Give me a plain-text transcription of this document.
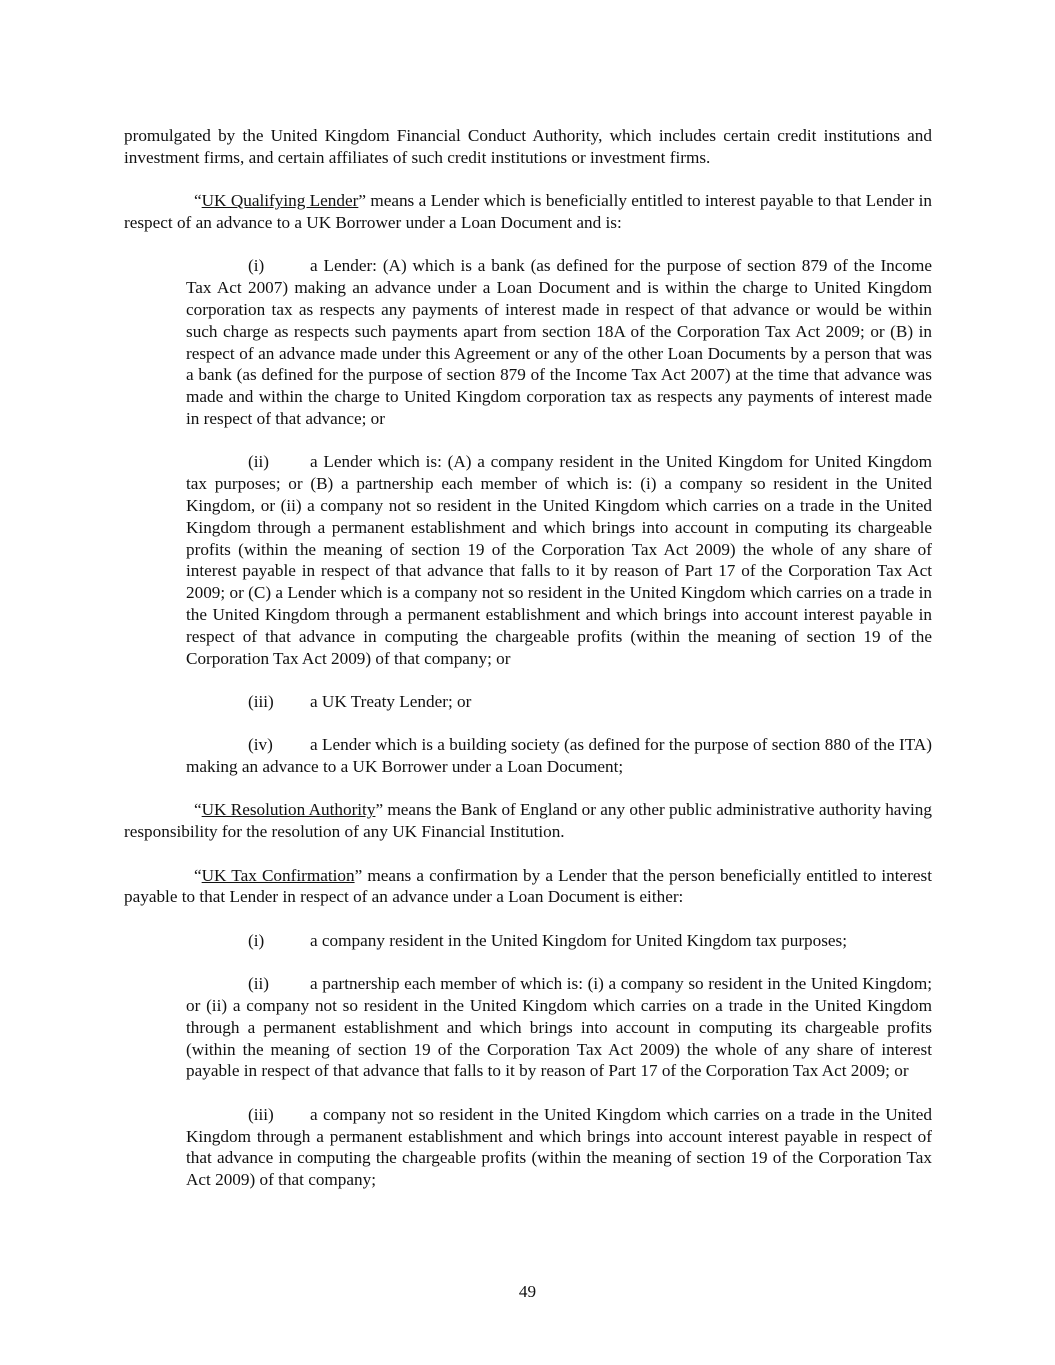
promulgated by the United Kingdom Financial Conduct Authority, which includes certain credit institutions and investment firms, and certain affiliates of such credit institutions or investment firms.

“UK Qualifying Lender” means a Lender which is beneficially entitled to interest payable to that Lender in respect of an advance to a UK Borrower under a Loan Document and is:

(i)	a Lender: (A) which is a bank (as defined for the purpose of section 879 of the Income Tax Act 2007) making an advance under a Loan Document and is within the charge to United Kingdom corporation tax as respects any payments of interest made in respect of that advance or would be within such charge as respects such payments apart from section 18A of the Corporation Tax Act 2009; or (B) in respect of an advance made under this Agreement or any of the other Loan Documents by a person that was a bank (as defined for the purpose of section 879 of the Income Tax Act 2007) at the time that advance was made and within the charge to United Kingdom corporation tax as respects any payments of interest made in respect of that advance; or

(ii) a Lender which is: (A) a company resident in the United Kingdom for United Kingdom tax purposes; or (B) a partnership each member of which is: (i) a company so resident in the United Kingdom, or (ii) a company not so resident in the United Kingdom which carries on a trade in the United Kingdom through a permanent establishment and which brings into account in computing its chargeable profits (within the meaning of section 19 of the Corporation Tax Act 2009) the whole of any share of interest payable in respect of that advance that falls to it by reason of Part 17 of the Corporation Tax Act 2009; or (C) a Lender which is a company not so resident in the United Kingdom which carries on a trade in the United Kingdom through a permanent establishment and which brings into account interest payable in respect of that advance in computing the chargeable profits (within the meaning of section 19 of the Corporation Tax Act 2009) of that company; or

(iii) a UK Treaty Lender; or

(iv) a Lender which is a building society (as defined for the purpose of section 880 of the ITA) making an advance to a UK Borrower under a Loan Document;

“UK Resolution Authority” means the Bank of England or any other public administrative authority having responsibility for the resolution of any UK Financial Institution.

“UK Tax Confirmation” means a confirmation by a Lender that the person beneficially entitled to interest payable to that Lender in respect of an advance under a Loan Document is either:

(i)	a company resident in the United Kingdom for United Kingdom tax purposes;

(ii) a partnership each member of which is: (i) a company so resident in the United Kingdom; or (ii) a company not so resident in the United Kingdom which carries on a trade in the United Kingdom through a permanent establishment and which brings into account in computing its chargeable profits (within the meaning of section 19 of the Corporation Tax Act 2009) the whole of any share of interest payable in respect of that advance that falls to it by reason of Part 17 of the Corporation Tax Act 2009; or

(iii) a company not so resident in the United Kingdom which carries on a trade in the United Kingdom through a permanent establishment and which brings into account interest payable in respect of that advance in computing the chargeable profits (within the meaning of section 19 of the Corporation Tax Act 2009) of that company;

49
